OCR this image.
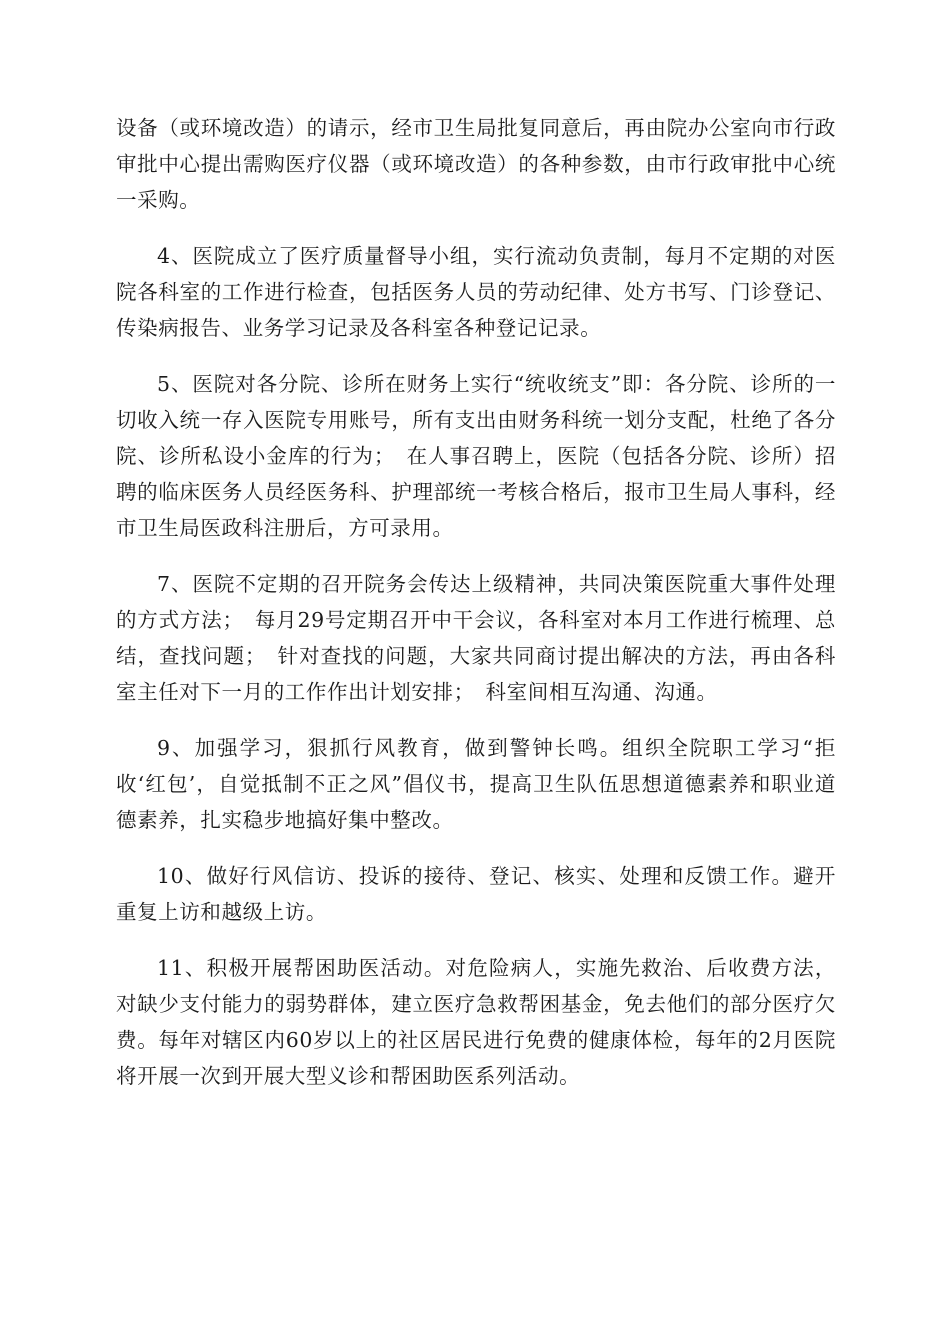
设备（或环境改造）的请示，经市卫生局批复同意后，再由院办公室向市行政审批中心提出需购医疗仪器（或环境改造）的各种参数，由市行政审批中心统一采购。

4、医院成立了医疗质量督导小组，实行流动负责制，每月不定期的对医院各科室的工作进行检查，包括医务人员的劳动纪律、处方书写、门诊登记、传染病报告、业务学习记录及各科室各种登记记录。

5、医院对各分院、诊所在财务上实行“统收统支”即：各分院、诊所的一切收入统一存入医院专用账号，所有支出由财务科统一划分支配，杜绝了各分院、诊所私设小金库的行为；　在人事召聘上，医院（包括各分院、诊所）招聘的临床医务人员经医务科、护理部统一考核合格后，报市卫生局人事科，经市卫生局医政科注册后，方可录用。

7、医院不定期的召开院务会传达上级精神，共同决策医院重大事件处理的方式方法；　每月29号定期召开中干会议，各科室对本月工作进行梳理、总结，查找问题；　针对查找的问题，大家共同商讨提出解决的方法，再由各科室主任对下一月的工作作出计划安排；　科室间相互沟通、沟通。

9、加强学习，狠抓行风教育，做到警钟长鸣。组织全院职工学习“拒收‘红包’，自觉抵制不正之风”倡仪书，提高卫生队伍思想道德素养和职业道德素养，扎实稳步地搞好集中整改。

10、做好行风信访、投诉的接待、登记、核实、处理和反馈工作。避开重复上访和越级上访。

11、积极开展帮困助医活动。对危险病人，实施先救治、后收费方法，对缺少支付能力的弱势群体，建立医疗急救帮困基金，免去他们的部分医疗欠费。每年对辖区内60岁以上的社区居民进行免费的健康体检，每年的2月医院将开展一次到开展大型义诊和帮困助医系列活动。
